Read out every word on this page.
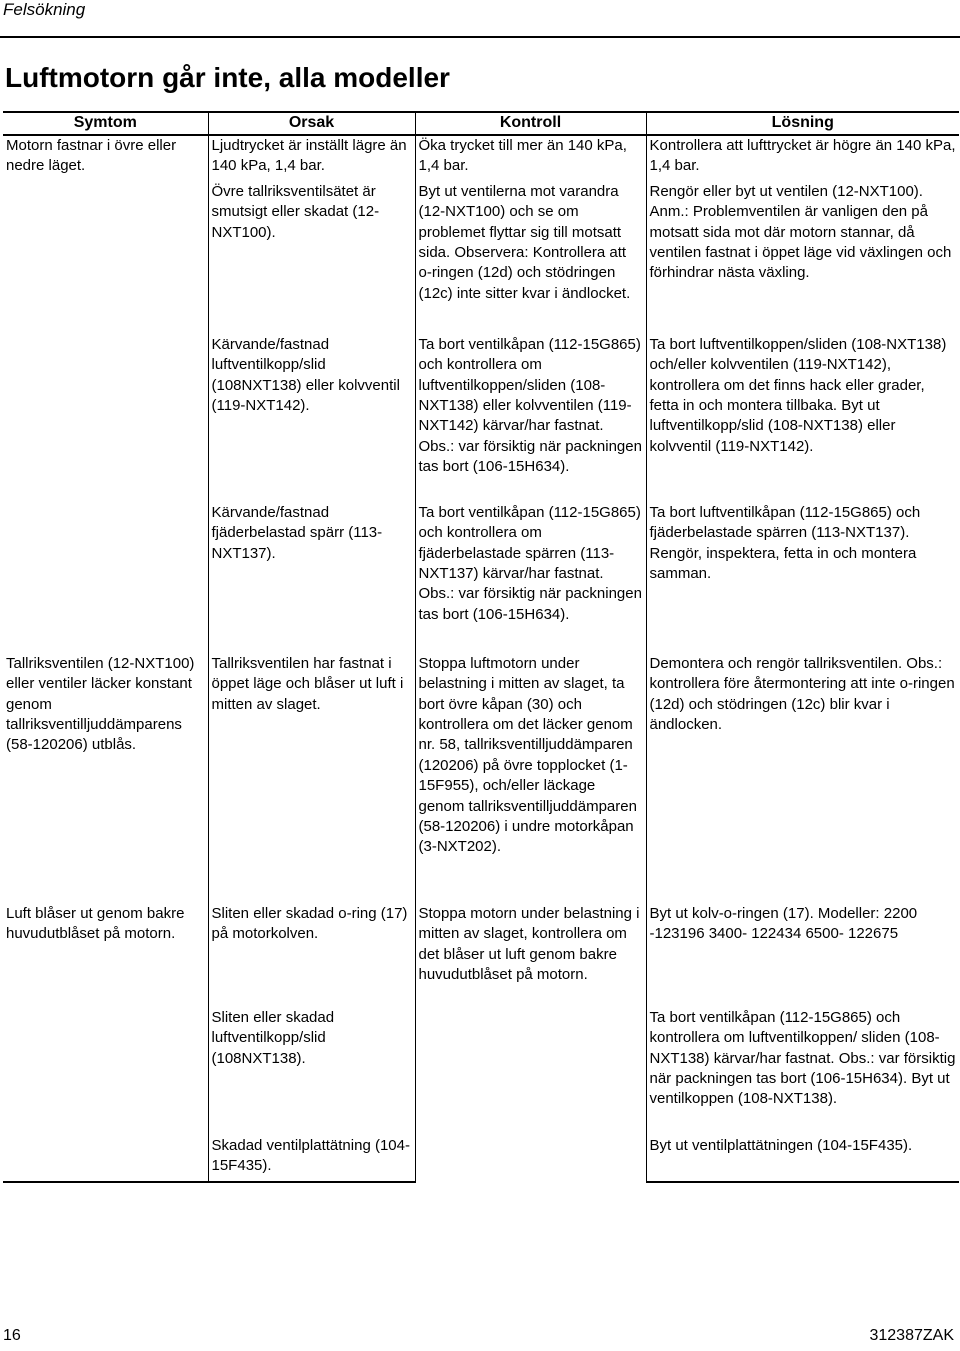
Felsökning
Luftmotorn går inte, alla modeller
Symtom	Orsak	Kontroll	Lösning
Motorn fastnar i övre eller nedre läget.	Ljudtrycket är inställt lägre än 140 kPa, 1,4 bar.	Öka trycket till mer än 140 kPa, 1,4 bar.	Kontrollera att lufttrycket är högre än 140 kPa, 1,4 bar.
	Övre tallriksventilsätet är smutsigt eller skadat (12-NXT100).	Byt ut ventilerna mot varandra (12-NXT100) och se om problemet flyttar sig till motsatt sida. Observera: Kontrollera att o-ringen (12d) och stödringen (12c) inte sitter kvar i ändlocket.	Rengör eller byt ut ventilen (12-NXT100). Anm.: Problemventilen är vanligen den på motsatt sida mot där motorn stannar, då ventilen fastnat i öppet läge vid växlingen och förhindrar nästa växling.
	Kärvande/fastnad luftventilkopp/slid (108NXT138) eller kolvventil (119-NXT142).	Ta bort ventilkåpan (112-15G865) och kontrollera om luftventilkoppen/sliden (108-NXT138) eller kolvventilen (119-NXT142) kärvar/har fastnat. Obs.: var försiktig när packningen tas bort (106-15H634).	Ta bort luftventilkoppen/sliden (108-NXT138) och/eller kolvventilen (119-NXT142), kontrollera om det finns hack eller grader, fetta in och montera tillbaka. Byt ut luftventilkopp/slid (108-NXT138) eller kolvventil (119-NXT142).
	Kärvande/fastnad fjäderbelastad spärr (113-NXT137).	Ta bort ventilkåpan (112-15G865) och kontrollera om fjäderbelastade spärren (113-NXT137) kärvar/har fastnat. Obs.: var försiktig när packningen tas bort (106-15H634).	Ta bort luftventilkåpan (112-15G865) och fjäderbelastade spärren (113-NXT137). Rengör, inspektera, fetta in och montera samman.
Tallriksventilen (12-NXT100) eller ventiler läcker konstant genom tallriksventilljuddämparens (58-120206) utblås.	Tallriksventilen har fastnat i öppet läge och blåser ut luft i mitten av slaget.	Stoppa luftmotorn under belastning i mitten av slaget, ta bort övre kåpan (30) och kontrollera om det läcker genom nr. 58, tallriksventilljuddämparen (120206) på övre topplocket (1-15F955), och/eller läckage genom tallriksventilljuddämparen (58-120206) i undre motorkåpan (3-NXT202).	Demontera och rengör tallriksventilen. Obs.: kontrollera före återmontering att inte o-ringen (12d) och stödringen (12c) blir kvar i ändlocken.
Luft blåser ut genom bakre huvudutblåset på motorn.	Sliten eller skadad o-ring (17) på motorkolven.	Stoppa motorn under belastning i mitten av slaget, kontrollera om det blåser ut luft genom bakre huvudutblåset på motorn.	Byt ut kolv-o-ringen (17). Modeller: 2200 -123196 3400- 122434 6500- 122675
	Sliten eller skadad luftventilkopp/slid (108NXT138).		Ta bort ventilkåpan (112-15G865) och kontrollera om luftventilkoppen/ sliden (108-NXT138) kärvar/har fastnat. Obs.: var försiktig när packningen tas bort (106-15H634). Byt ut ventilkoppen (108-NXT138).
	Skadad ventilplattätning (104-15F435).		Byt ut ventilplattätningen (104-15F435).
16	312387ZAK
